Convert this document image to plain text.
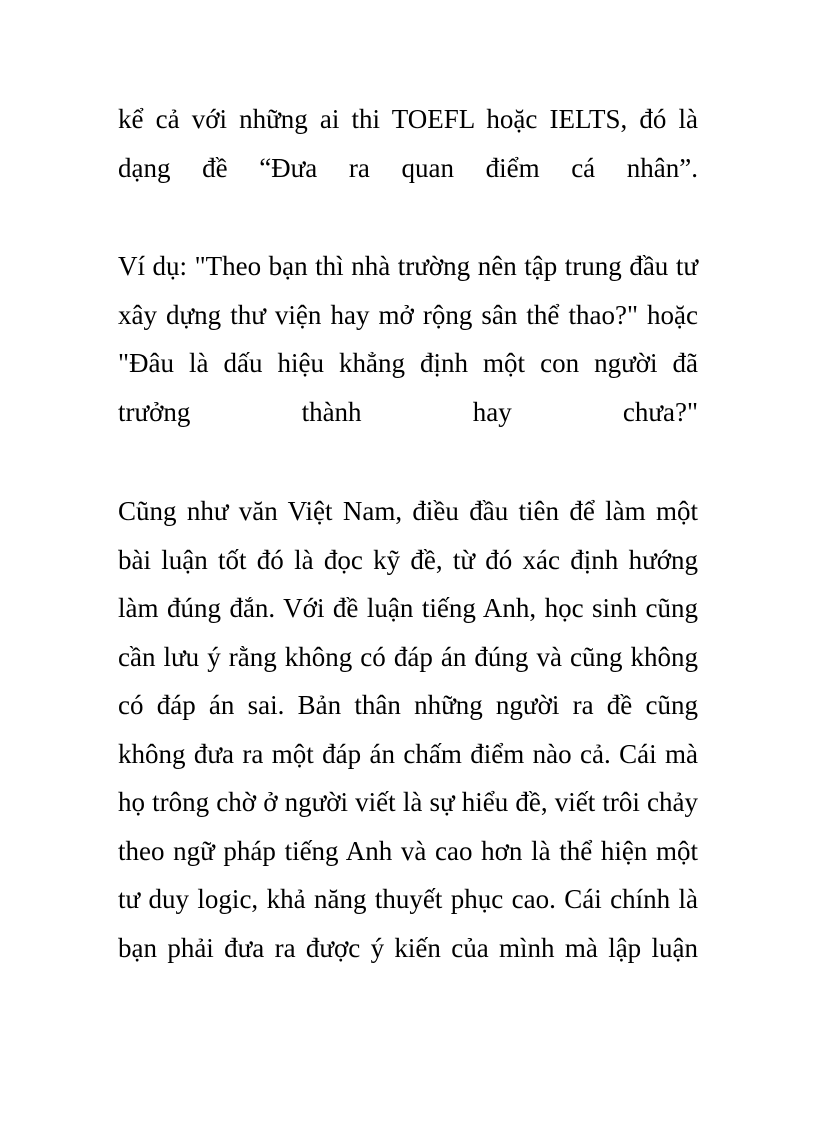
kể cả với những ai thi TOEFL hoặc IELTS, đó là
dạng đề “Đưa ra quan điểm cá nhân”.
Ví dụ: "Theo bạn thì nhà trường nên tập trung đầu tư
xây dựng thư viện hay mở rộng sân thể thao?" hoặc
"Đâu là dấu hiệu khẳng định một con người đã
trưởng thành hay chưa?"
Cũng như văn Việt Nam, điều đầu tiên để làm một
bài luận tốt đó là đọc kỹ đề, từ đó xác định hướng
làm đúng đắn. Với đề luận tiếng Anh, học sinh cũng
cần lưu ý rằng không có đáp án đúng và cũng không
có đáp án sai. Bản thân những người ra đề cũng
không đưa ra một đáp án chấm điểm nào cả. Cái mà
họ trông chờ ở người viết là sự hiểu đề, viết trôi chảy
theo ngữ pháp tiếng Anh và cao hơn là thể hiện một
tư duy logic, khả năng thuyết phục cao. Cái chính là
bạn phải đưa ra được ý kiến của mình mà lập luận
